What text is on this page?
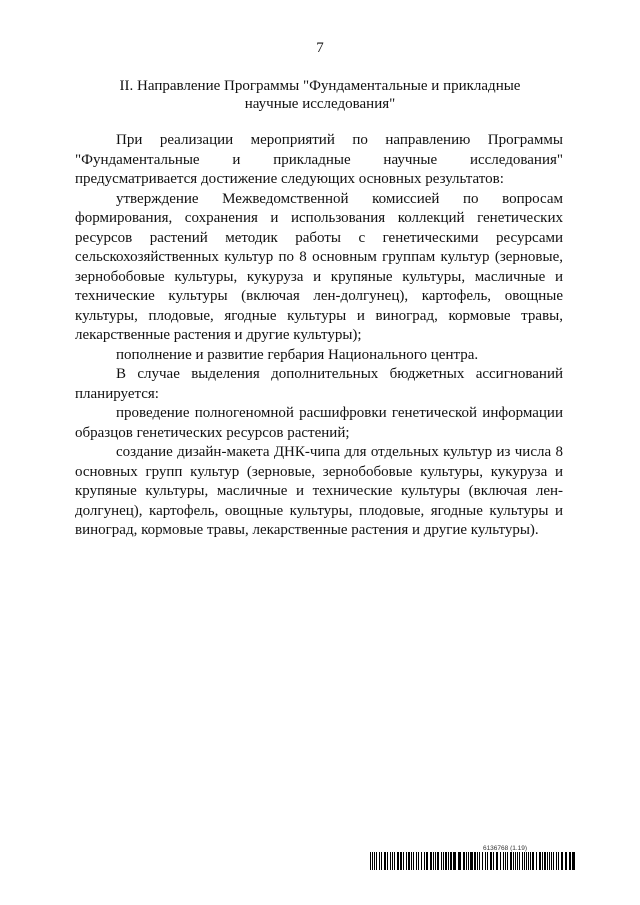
7
II. Направление Программы "Фундаментальные и прикладные
научные исследования"

При реализации мероприятий по направлению Программы "Фундаментальные и прикладные научные исследования" предусматривается достижение следующих основных результатов:

утверждение Межведомственной комиссией по вопросам формирования, сохранения и использования коллекций генетических ресурсов растений методик работы с генетическими ресурсами сельскохозяйственных культур по 8 основным группам культур (зерновые, зернобобовые культуры, кукуруза и крупяные культуры, масличные и технические культуры (включая лен-долгунец), картофель, овощные культуры, плодовые, ягодные культуры и виноград, кормовые травы, лекарственные растения и другие культуры);

пополнение и развитие гербария Национального центра.

В случае выделения дополнительных бюджетных ассигнований планируется:

проведение полногеномной расшифровки генетической информации образцов генетических ресурсов растений;

создание дизайн-макета ДНК-чипа для отдельных культур из числа 8 основных групп культур (зерновые, зернобобовые культуры, кукуруза и крупяные культуры, масличные и технические культуры (включая лен-долгунец), картофель, овощные культуры, плодовые, ягодные культуры и виноград, кормовые травы, лекарственные растения и другие культуры).

6136768 (1.19)
